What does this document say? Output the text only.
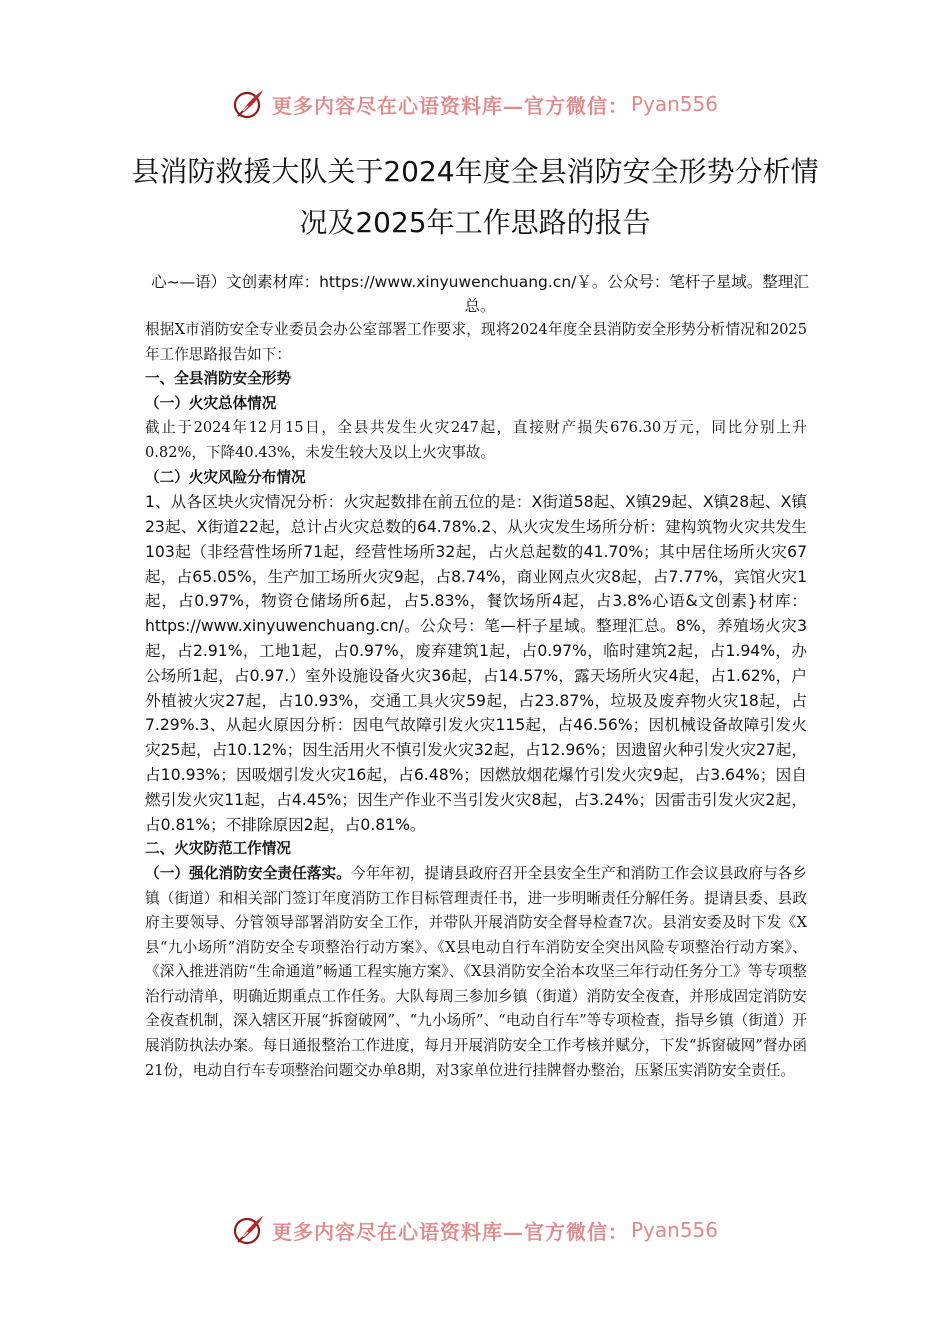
更多内容尽在心语资料库—官方微信： Pyan556
县消防救援大队关于2024年度全县消防安全形势分析情况及2025年工作思路的报告
心~—语）文创素材库：https://www.xinyuwenchuang.cn/￥。公众号：笔杆子星域。整理汇总。

根据X市消防安全专业委员会办公室部署工作要求，现将2024年度全县消防安全形势分析情况和2025年工作思路报告如下：

一、全县消防安全形势

（一）火灾总体情况

截止于2024年12月15日，全县共发生火灾247起，直接财产损失676.30万元，同比分别上升0.82%，下降40.43%，未发生较大及以上火灾事故。

（二）火灾风险分布情况

1、从各区块火灾情况分析：火灾起数排在前五位的是：X街道58起、X镇29起、X镇28起、X镇23起、X街道22起，总计占火灾总数的64.78%.2、从火灾发生场所分析：建构筑物火灾共发生103起（非经营性场所71起，经营性场所32起，占火总起数的41.70%；其中居住场所火灾67起，占65.05%，生产加工场所火灾9起，占8.74%，商业网点火灾8起，占7.77%，宾馆火灾1起，占0.97%，物资仓储场所6起，占5.83%，餐饮场所4起，占3.8%心语&文创素}材库：https://www.xinyuwenchuang.cn/。公众号：笔—杆子星域。整理汇总。8%，养殖场火灾3起，占2.91%，工地1起，占0.97%，废弃建筑1起，占0.97%，临时建筑2起，占1.94%，办公场所1起，占0.97.）室外设施设备火灾36起，占14.57%，露天场所火灾4起，占1.62%，户外植被火灾27起，占10.93%，交通工具火灾59起，占23.87%，垃圾及废弃物火灾18起，占7.29%.3、从起火原因分析：因电气故障引发火灾115起，占46.56%；因机械设备故障引发火灾25起，占10.12%；因生活用火不慎引发火灾32起，占12.96%；因遗留火种引发火灾27起，占10.93%；因吸烟引发火灾16起，占6.48%；因燃放烟花爆竹引发火灾9起，占3.64%；因自燃引发火灾11起，占4.45%；因生产作业不当引发火灾8起，占3.24%；因雷击引发火灾2起，占0.81%；不排除原因2起，占0.81%。

二、火灾防范工作情况

（一）强化消防安全责任落实。今年年初，提请县政府召开全县安全生产和消防工作会议县政府与各乡镇（街道）和相关部门签订年度消防工作目标管理责任书，进一步明晰责任分解任务。提请县委、县政府主要领导、分管领导部署消防安全工作，并带队开展消防安全督导检查7次。县消安委及时下发《X县“九小场所”消防安全专项整治行动方案》、《X县电动自行车消防安全突出风险专项整治行动方案》、《深入推进消防“生命通道”畅通工程实施方案》、《X县消防安全治本攻坚三年行动任务分工》等专项整治行动清单，明确近期重点工作任务。大队每周三参加乡镇（街道）消防安全夜查，并形成固定消防安全夜查机制，深入辖区开展“拆窗破网”、“九小场所”、“电动自行车”等专项检查，指导乡镇（街道）开展消防执法办案。每日通报整治工作进度，每月开展消防安全工作考核并赋分，下发“拆窗破网”督办函21份，电动自行车专项整治问题交办单8期，对3家单位进行挂牌督办整治，压紧压实消防安全责任。

更多内容尽在心语资料库—官方微信： Pyan556
